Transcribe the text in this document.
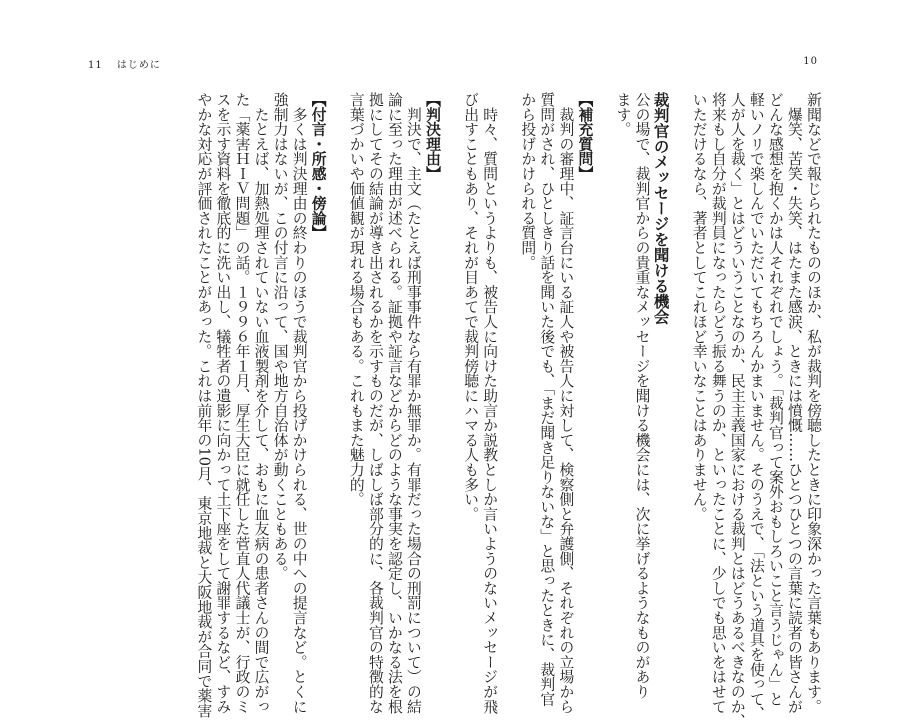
11 はじめに	10
新聞などで報じられたもののほか、私が裁判を傍聴したときに印象深かった言葉もあります。
　爆笑、苦笑・失笑、はたまた感涙、ときには憤慨……ひとつひとつの言葉に読者の皆さんが
どんな感想を抱くかは人それぞれでしょう。「裁判官って案外おもしろいこと言うじゃん」と
軽いノリで楽しんでいただいてもちろんかまいません。そのうえで、「法という道具を使って、
人が人を裁く」とはどういうことなのか、民主主義国家における裁判とはどうあるべきなのか、
将来もし自分が裁判員になったらどう振る舞うのか、といったことに、少しでも思いをはせて
いただけるなら、著者としてこれほど幸いなことはありません。
裁判官のメッセージを聞ける機会
公の場で、裁判官からの貴重なメッセージを聞ける機会には、次に挙げるようなものがあり
ます。
【補充質問】
　裁判の審理中、証言台にいる証人や被告人に対して、検察側と弁護側、それぞれの立場から
質問がされ、ひとしきり話を聞いた後でも、「まだ聞き足りないな」と思ったときに、裁判官
から投げかけられる質問。
　時々、質問というよりも、被告人に向けた助言か説教としか言いようのないメッセージが飛
び出すこともあり、それが目あてで裁判傍聴にハマる人も多い。
【判決理由】
　判決で、主文（たとえば刑事事件なら有罪か無罪か。有罪だった場合の刑罰について）の結
論に至った理由が述べられる。証拠や証言などからどのような事実を認定し、いかなる法を根
拠にしてその結論が導き出されるかを示すものだが、しばしば部分的に、各裁判官の特徴的な
言葉づかいや価値観が現れる場合もある。これもまた魅力的。
【付言・所感・傍論】
　多くは判決理由の終わりのほうで裁判官から投げかけられる、世の中への提言など。とくに
強制力はないが、この付言に沿って、国や地方自治体が動くこともある。
　たとえば、加熱処理されていない血液製剤を介して、おもに血友病の患者さんの間で広がっ
た「薬害ＨＩＶ問題」の話。１９９６年１月、厚生大臣に就任した菅直人代議士が、行政のミ
スを示す資料を徹底的に洗い出し、犠牲者の遺影に向かって土下座をして謝罪するなど、すみ
やかな対応が評価されたことがあった。これは前年の10月、東京地裁と大阪地裁が合同で薬害
